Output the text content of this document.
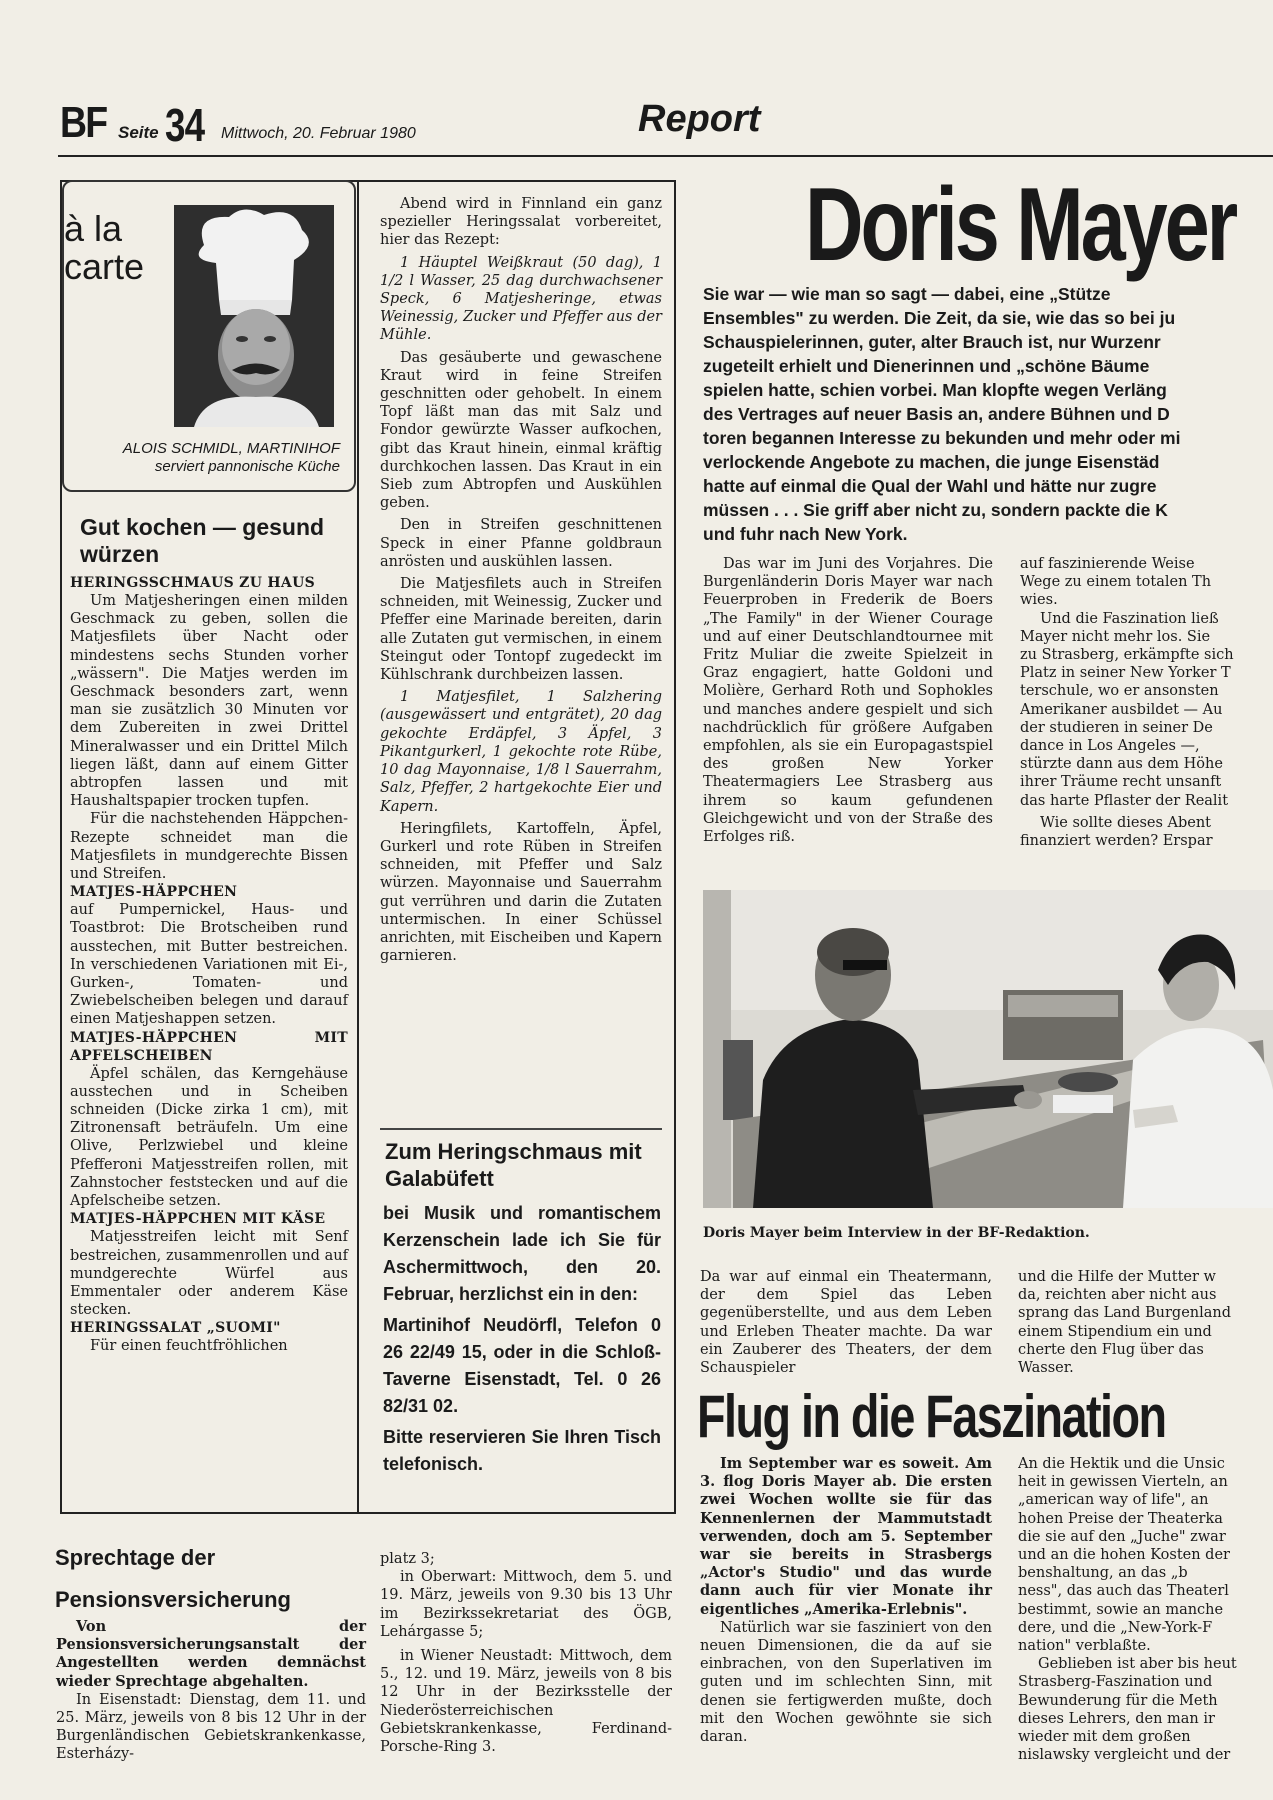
BF Seite 34 Mittwoch, 20. Februar 1980	Report
à la
carte
ALOIS SCHMIDL, MARTINIHOF
serviert pannonische Küche
Gut kochen — gesund würzen

HERINGSSCHMAUS ZU HAUS

Um Matjesheringen einen milden Geschmack zu geben, sollen die Matjesfilets über Nacht oder mindestens sechs Stunden vorher „wässern". Die Matjes werden im Geschmack besonders zart, wenn man sie zusätzlich 30 Minuten vor dem Zubereiten in zwei Drittel Mineralwasser und ein Drittel Milch liegen läßt, dann auf einem Gitter abtropfen lassen und mit Haushaltspapier trocken tupfen.

Für die nachstehenden Häppchen-Rezepte schneidet man die Matjesfilets in mundgerechte Bissen und Streifen.

MATJES-HÄPPCHEN

auf Pumpernickel, Haus- und Toastbrot: Die Brotscheiben rund ausstechen, mit Butter bestreichen. In verschiedenen Variationen mit Ei-, Gurken-, Tomaten- und Zwiebelscheiben belegen und darauf einen Matjeshappen setzen.

MATJES-HÄPPCHEN MIT APFELSCHEIBEN

Äpfel schälen, das Kerngehäuse ausstechen und in Scheiben schneiden (Dicke zirka 1 cm), mit Zitronensaft beträufeln. Um eine Olive, Perlzwiebel und kleine Pfefferoni Matjesstreifen rollen, mit Zahnstocher feststecken und auf die Apfelscheibe setzen.

MATJES-HÄPPCHEN MIT KÄSE

Matjesstreifen leicht mit Senf bestreichen, zusammenrollen und auf mundgerechte Würfel aus Emmentaler oder anderem Käse stecken.

HERINGSSALAT „SUOMI"

Für einen feuchtfröhlichen

Abend wird in Finnland ein ganz spezieller Heringssalat vorbereitet, hier das Rezept:

1 Häuptel Weißkraut (50 dag), 1 1/2 l Wasser, 25 dag durchwachsener Speck, 6 Matjesheringe, etwas Weinessig, Zucker und Pfeffer aus der Mühle.

Das gesäuberte und gewaschene Kraut wird in feine Streifen geschnitten oder gehobelt. In einem Topf läßt man das mit Salz und Fondor gewürzte Wasser aufkochen, gibt das Kraut hinein, einmal kräftig durchkochen lassen. Das Kraut in ein Sieb zum Abtropfen und Auskühlen geben.

Den in Streifen geschnittenen Speck in einer Pfanne goldbraun anrösten und auskühlen lassen.

Die Matjesfilets auch in Streifen schneiden, mit Weinessig, Zucker und Pfeffer eine Marinade bereiten, darin alle Zutaten gut vermischen, in einem Steingut oder Tontopf zugedeckt im Kühlschrank durchbeizen lassen.

1 Matjesfilet, 1 Salzhering (ausgewässert und entgrätet), 20 dag gekochte Erdäpfel, 3 Äpfel, 3 Pikantgurkerl, 1 gekochte rote Rübe, 10 dag Mayonnaise, 1/8 l Sauerrahm, Salz, Pfeffer, 2 hartgekochte Eier und Kapern.

Heringfilets, Kartoffeln, Äpfel, Gurkerl und rote Rüben in Streifen schneiden, mit Pfeffer und Salz würzen. Mayonnaise und Sauerrahm gut verrühren und darin die Zutaten untermischen. In einer Schüssel anrichten, mit Eischeiben und Kapern garnieren.

Zum Heringschmaus mit Galabüfett

bei Musik und romantischem Kerzenschein lade ich Sie für Aschermittwoch, den 20. Februar, herzlichst ein in den:

Martinihof Neudörfl, Telefon 0 26 22/49 15, oder in die Schloß-Taverne Eisenstadt, Tel. 0 26 82/31 02.

Bitte reservieren Sie Ihren Tisch telefonisch.

Sprechtage der
Pensionsversicherung

Von der Pensionsversicherungsanstalt der Angestellten werden demnächst wieder Sprechtage abgehalten.

In Eisenstadt: Dienstag, dem 11. und 25. März, jeweils von 8 bis 12 Uhr in der Burgenländischen Gebietskrankenkasse, Esterházy-

platz 3;

in Oberwart: Mittwoch, dem 5. und 19. März, jeweils von 9.30 bis 13 Uhr im Bezirkssekretariat des ÖGB, Lehárgasse 5;

in Wiener Neustadt: Mittwoch, dem 5., 12. und 19. März, jeweils von 8 bis 12 Uhr in der Bezirksstelle der Niederösterreichischen Gebietskrankenkasse, Ferdinand-Porsche-Ring 3.

Doris Mayer
Sie war — wie man so sagt — dabei, eine „Stütze
Ensembles" zu werden. Die Zeit, da sie, wie das so bei ju
Schauspielerinnen, guter, alter Brauch ist, nur Wurzenr
zugeteilt erhielt und Dienerinnen und „schöne Bäume
spielen hatte, schien vorbei. Man klopfte wegen Verläng
des Vertrages auf neuer Basis an, andere Bühnen und D
toren begannen Interesse zu bekunden und mehr oder mi
verlockende Angebote zu machen, die junge Eisenstäd
hatte auf einmal die Qual der Wahl und hätte nur zugre
müssen . . . Sie griff aber nicht zu, sondern packte die K
und fuhr nach New York.

Das war im Juni des Vorjahres. Die Burgenländerin Doris Mayer war nach Feuerproben in Frederik de Boers „The Family" in der Wiener Courage und auf einer Deutschlandtournee mit Fritz Muliar die zweite Spielzeit in Graz engagiert, hatte Goldoni und Molière, Gerhard Roth und Sophokles und manches andere gespielt und sich nachdrücklich für größere Aufgaben empfohlen, als sie ein Europagastspiel des großen New Yorker Theatermagiers Lee Strasberg aus ihrem so kaum gefundenen Gleichgewicht und von der Straße des Erfolges riß.

auf faszinierende Weise
Wege zu einem totalen Th
wies.
Und die Faszination ließ
Mayer nicht mehr los. Sie
zu Strasberg, erkämpfte sich
Platz in seiner New Yorker T
terschule, wo er ansonsten
Amerikaner ausbildet — Au
der studieren in seiner De
dance in Los Angeles —,
stürzte dann aus dem Höhe
ihrer Träume recht unsanft
das harte Pflaster der Realit
Wie sollte dieses Abent
finanziert werden? Erspar
Doris Mayer beim Interview in der BF-Redaktion.

Da war auf einmal ein Theatermann, der dem Spiel das Leben gegenüberstellte, und aus dem Leben und Erleben Theater machte. Da war ein Zauberer des Theaters, der dem Schauspieler

und die Hilfe der Mutter w
da, reichten aber nicht aus
sprang das Land Burgenland
einem Stipendium ein und
cherte den Flug über das
Wasser.
Flug in die Faszination

Im September war es soweit. Am 3. flog Doris Mayer ab. Die ersten zwei Wochen wollte sie für das Kennenlernen der Mammutstadt verwenden, doch am 5. September war sie bereits in Strasbergs „Actor's Studio" und das wurde dann auch für vier Monate ihr eigentliches „Amerika-Erlebnis".

Natürlich war sie fasziniert von den neuen Dimensionen, die da auf sie einbrachen, von den Superlativen im guten und im schlechten Sinn, mit denen sie fertigwerden mußte, doch mit den Wochen gewöhnte sie sich daran.

An die Hektik und die Unsic
heit in gewissen Vierteln, an
„american way of life", an
hohen Preise der Theaterka
die sie auf den „Juche" zwar
und an die hohen Kosten der
benshaltung, an das „b
ness", das auch das Theaterl
bestimmt, sowie an manche
dere, und die „New-York-F
nation" verblaßte.
Geblieben ist aber bis heut
Strasberg-Faszination und
Bewunderung für die Meth
dieses Lehrers, den man ir
wieder mit dem großen
nislawsky vergleicht und der
